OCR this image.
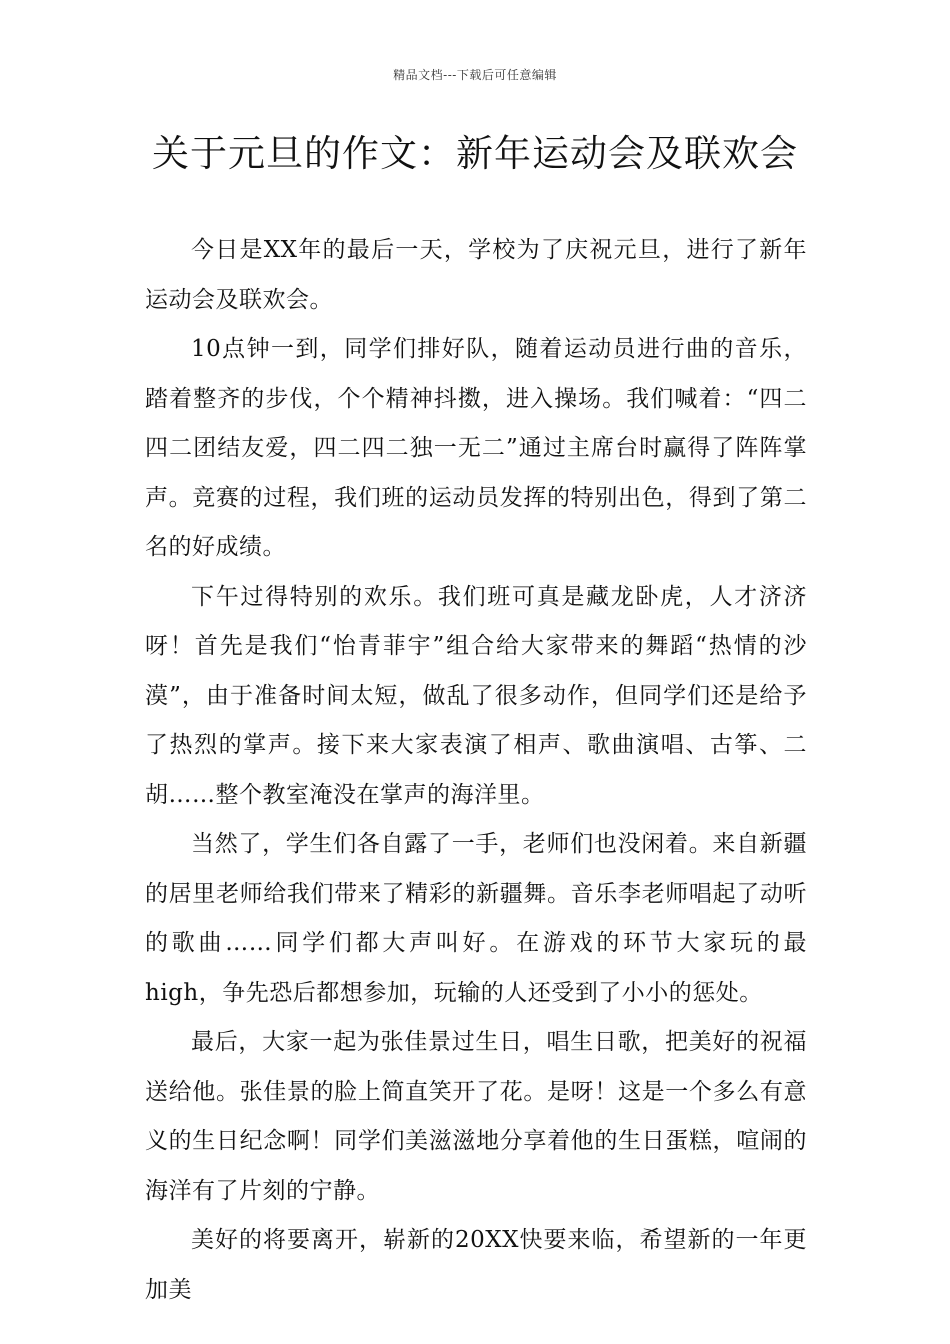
精品文档---下载后可任意编辑
关于元旦的作文：新年运动会及联欢会

今日是XX年的最后一天，学校为了庆祝元旦，进行了新年运动会及联欢会。

10点钟一到，同学们排好队，随着运动员进行曲的音乐，踏着整齐的步伐，个个精神抖擞，进入操场。我们喊着：“四二四二团结友爱，四二四二独一无二”通过主席台时赢得了阵阵掌声。竞赛的过程，我们班的运动员发挥的特别出色，得到了第二名的好成绩。

下午过得特别的欢乐。我们班可真是藏龙卧虎，人才济济呀！首先是我们“怡青菲宇”组合给大家带来的舞蹈“热情的沙漠”，由于准备时间太短，做乱了很多动作，但同学们还是给予了热烈的掌声。接下来大家表演了相声、歌曲演唱、古筝、二胡……整个教室淹没在掌声的海洋里。

当然了，学生们各自露了一手，老师们也没闲着。来自新疆的居里老师给我们带来了精彩的新疆舞。音乐李老师唱起了动听的歌曲……同学们都大声叫好。在游戏的环节大家玩的最high，争先恐后都想参加，玩输的人还受到了小小的惩处。

最后，大家一起为张佳景过生日，唱生日歌，把美好的祝福送给他。张佳景的脸上简直笑开了花。是呀！这是一个多么有意义的生日纪念啊！同学们美滋滋地分享着他的生日蛋糕，喧闹的海洋有了片刻的宁静。

美好的将要离开，崭新的20XX快要来临，希望新的一年更加美
